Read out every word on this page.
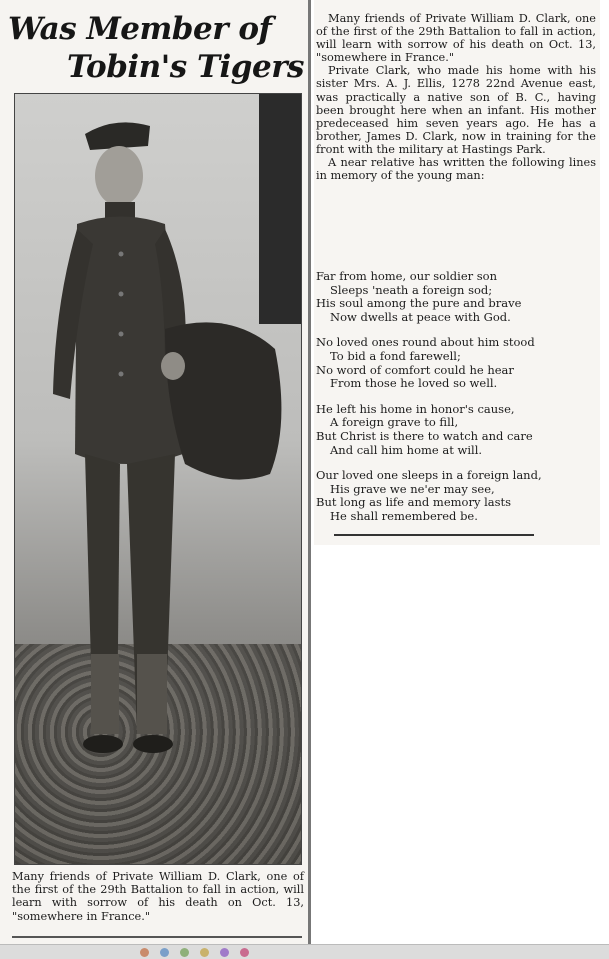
Was Member of
Tobin's Tigers
Many friends of Private William D. Clark, one of the first of the 29th Battalion to fall in action, will learn with sorrow of his death on Oct. 13, "somewhere in France."

Many friends of Private William D. Clark, one of the first of the 29th Battalion to fall in action, will learn with sorrow of his death on Oct. 13, "somewhere in France."

Private Clark, who made his home with his sister Mrs. A. J. Ellis, 1278 22nd Avenue east, was practically a native son of B. C., having been brought here when an infant. His mother predeceased him seven years ago. He has a brother, James D. Clark, now in training for the front with the military at Hastings Park.

A near relative has written the following lines in memory of the young man:

Far from home, our soldier son
Sleeps 'neath a foreign sod;
His soul among the pure and brave
Now dwells at peace with God.
No loved ones round about him stood
To bid a fond farewell;
No word of comfort could he hear
From those he loved so well.
He left his home in honor's cause,
A foreign grave to fill,
But Christ is there to watch and care
And call him home at will.
Our loved one sleeps in a foreign land,
His grave we ne'er may see,
But long as life and memory lasts
He shall remembered be.
